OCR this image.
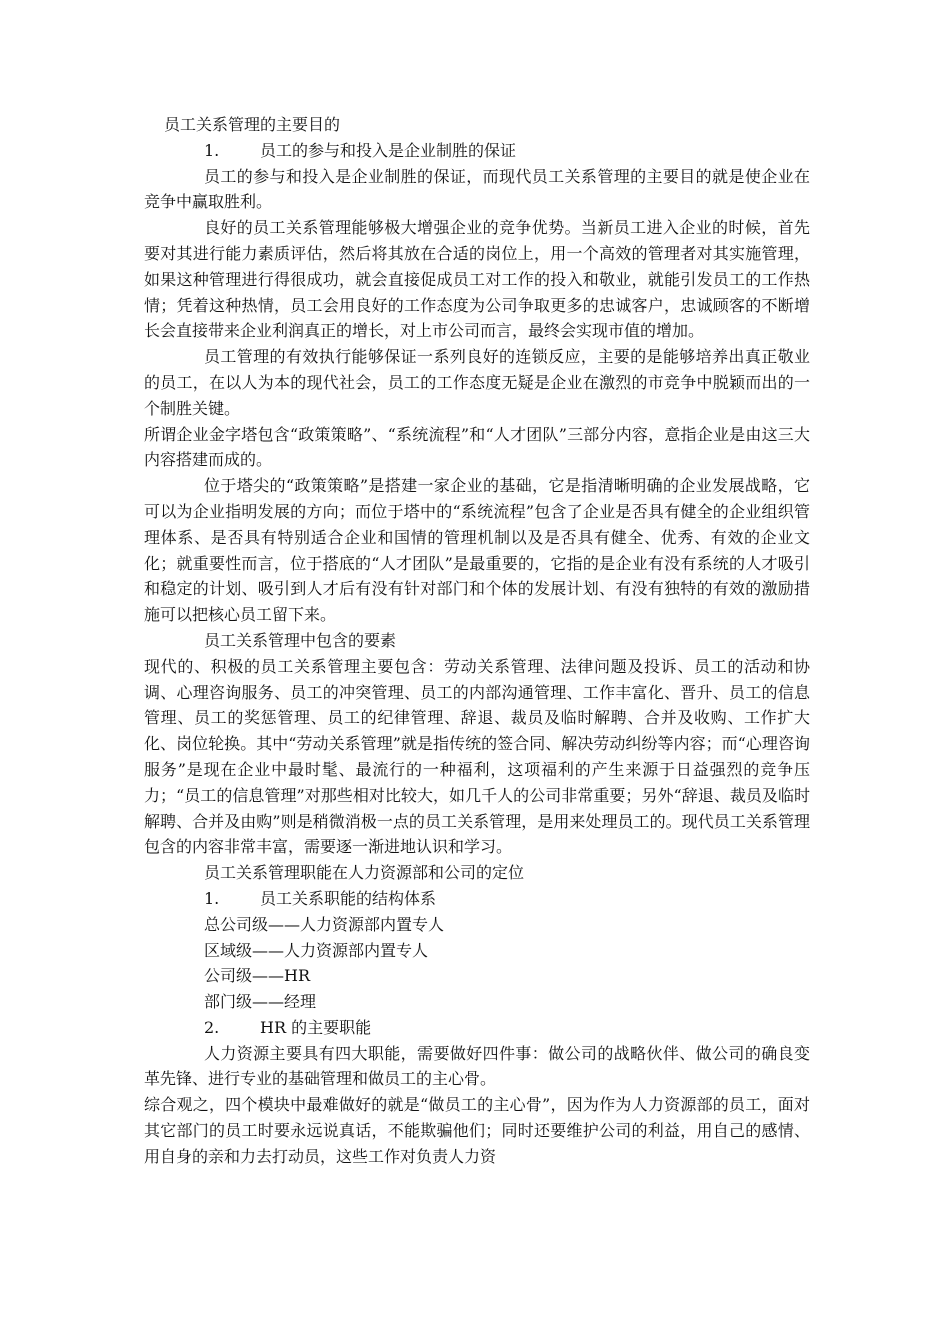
员工关系管理的主要目的

1.	员工的参与和投入是企业制胜的保证

员工的参与和投入是企业制胜的保证，而现代员工关系管理的主要目的就是使企业在竞争中赢取胜利。

良好的员工关系管理能够极大增强企业的竞争优势。当新员工进入企业的时候，首先要对其进行能力素质评估，然后将其放在合适的岗位上，用一个高效的管理者对其实施管理，如果这种管理进行得很成功，就会直接促成员工对工作的投入和敬业，就能引发员工的工作热情；凭着这种热情，员工会用良好的工作态度为公司争取更多的忠诚客户，忠诚顾客的不断增长会直接带来企业利润真正的增长，对上市公司而言，最终会实现市值的增加。

员工管理的有效执行能够保证一系列良好的连锁反应，主要的是能够培养出真正敬业的员工，在以人为本的现代社会，员工的工作态度无疑是企业在激烈的市竞争中脱颖而出的一个制胜关键。

所谓企业金字塔包含“政策策略”、“系统流程”和“人才团队”三部分内容，意指企业是由这三大内容搭建而成的。

位于塔尖的“政策策略”是搭建一家企业的基础，它是指清晰明确的企业发展战略，它可以为企业指明发展的方向；而位于塔中的“系统流程”包含了企业是否具有健全的企业组织管理体系、是否具有特别适合企业和国情的管理机制以及是否具有健全、优秀、有效的企业文化；就重要性而言，位于搭底的“人才团队”是最重要的，它指的是企业有没有系统的人才吸引和稳定的计划、吸引到人才后有没有针对部门和个体的发展计划、有没有独特的有效的激励措施可以把核心员工留下来。

员工关系管理中包含的要素

现代的、积极的员工关系管理主要包含：劳动关系管理、法律问题及投诉、员工的活动和协调、心理咨询服务、员工的冲突管理、员工的内部沟通管理、工作丰富化、晋升、员工的信息管理、员工的奖惩管理、员工的纪律管理、辞退、裁员及临时解聘、合并及收购、工作扩大化、岗位轮换。其中“劳动关系管理”就是指传统的签合同、解决劳动纠纷等内容；而“心理咨询服务”是现在企业中最时髦、最流行的一种福利，这项福利的产生来源于日益强烈的竞争压力；“员工的信息管理”对那些相对比较大，如几千人的公司非常重要；另外“辞退、裁员及临时解聘、合并及由购”则是稍微消极一点的员工关系管理，是用来处理员工的。现代员工关系管理包含的内容非常丰富，需要逐一渐进地认识和学习。

员工关系管理职能在人力资源部和公司的定位

1.	员工关系职能的结构体系

总公司级——人力资源部内置专人

区域级——人力资源部内置专人

公司级——HR

部门级——经理

2.	HR 的主要职能

人力资源主要具有四大职能，需要做好四件事：做公司的战略伙伴、做公司的确良变革先锋、进行专业的基础管理和做员工的主心骨。

综合观之，四个模块中最难做好的就是“做员工的主心骨”，因为作为人力资源部的员工，面对其它部门的员工时要永远说真话，不能欺骗他们；同时还要维护公司的利益，用自己的感情、用自身的亲和力去打动员，这些工作对负责人力资
